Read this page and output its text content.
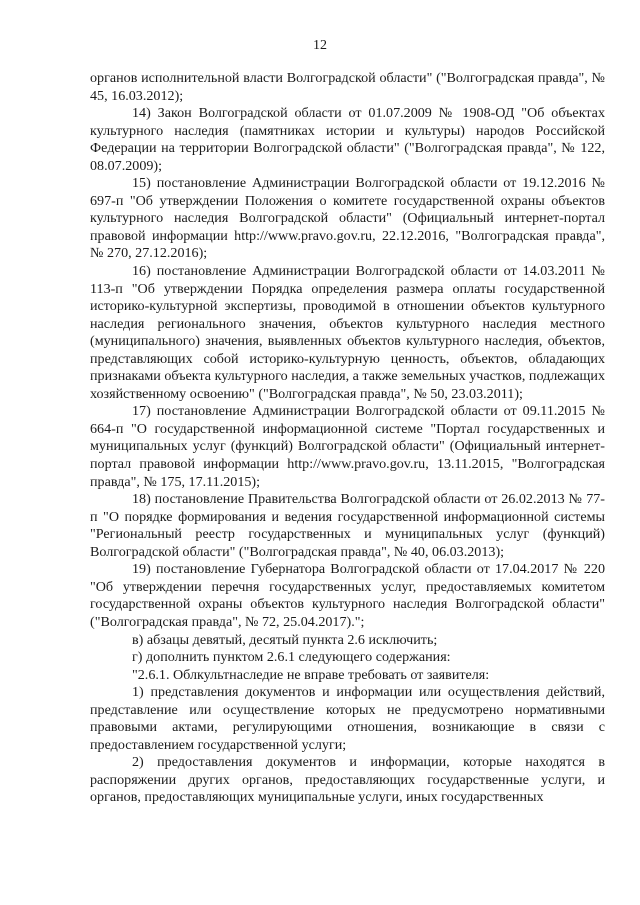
12

органов исполнительной власти Волгоградской области" ("Волгоградская правда", № 45, 16.03.2012);

14) Закон Волгоградской области от 01.07.2009 № 1908-ОД "Об объектах культурного наследия (памятниках истории и культуры) народов Российской Федерации на территории Волгоградской области" ("Волгоградская правда", № 122, 08.07.2009);

15) постановление Администрации Волгоградской области от 19.12.2016 № 697-п "Об утверждении Положения о комитете государственной охраны объектов культурного наследия Волгоградской области" (Официальный интернет-портал правовой информации http://www.pravo.gov.ru, 22.12.2016, "Волгоградская правда", № 270, 27.12.2016);

16) постановление Администрации Волгоградской области от 14.03.2011 № 113-п "Об утверждении Порядка определения размера оплаты государственной историко-культурной экспертизы, проводимой в отношении объектов культурного наследия регионального значения, объектов культурного наследия местного (муниципального) значения, выявленных объектов культурного наследия, объектов, представляющих собой историко-культурную ценность, объектов, обладающих признаками объекта культурного наследия, а также земельных участков, подлежащих хозяйственному освоению" ("Волгоградская правда", № 50, 23.03.2011);

17) постановление Администрации Волгоградской области от 09.11.2015 № 664-п "О государственной информационной системе "Портал государственных и муниципальных услуг (функций) Волгоградской области" (Официальный интернет-портал правовой информации http://www.pravo.gov.ru, 13.11.2015, "Волгоградская правда", № 175, 17.11.2015);

18) постановление Правительства Волгоградской области от 26.02.2013 № 77-п "О порядке формирования и ведения государственной информационной системы "Региональный реестр государственных и муниципальных услуг (функций) Волгоградской области" ("Волгоградская правда", № 40, 06.03.2013);

19) постановление Губернатора Волгоградской области от 17.04.2017 № 220 "Об утверждении перечня государственных услуг, предоставляемых комитетом государственной охраны объектов культурного наследия Волгоградской области" ("Волгоградская правда", № 72, 25.04.2017).";

в) абзацы девятый, десятый пункта 2.6 исключить;

г) дополнить пунктом 2.6.1 следующего содержания:

"2.6.1. Облкультнаследие не вправе требовать от заявителя:

1) представления документов и информации или осуществления действий, представление или осуществление которых не предусмотрено нормативными правовыми актами, регулирующими отношения, возникающие в связи с предоставлением государственной услуги;

2) предоставления документов и информации, которые находятся в распоряжении других органов, предоставляющих государственные услуги, и органов, предоставляющих муниципальные услуги, иных государственных
